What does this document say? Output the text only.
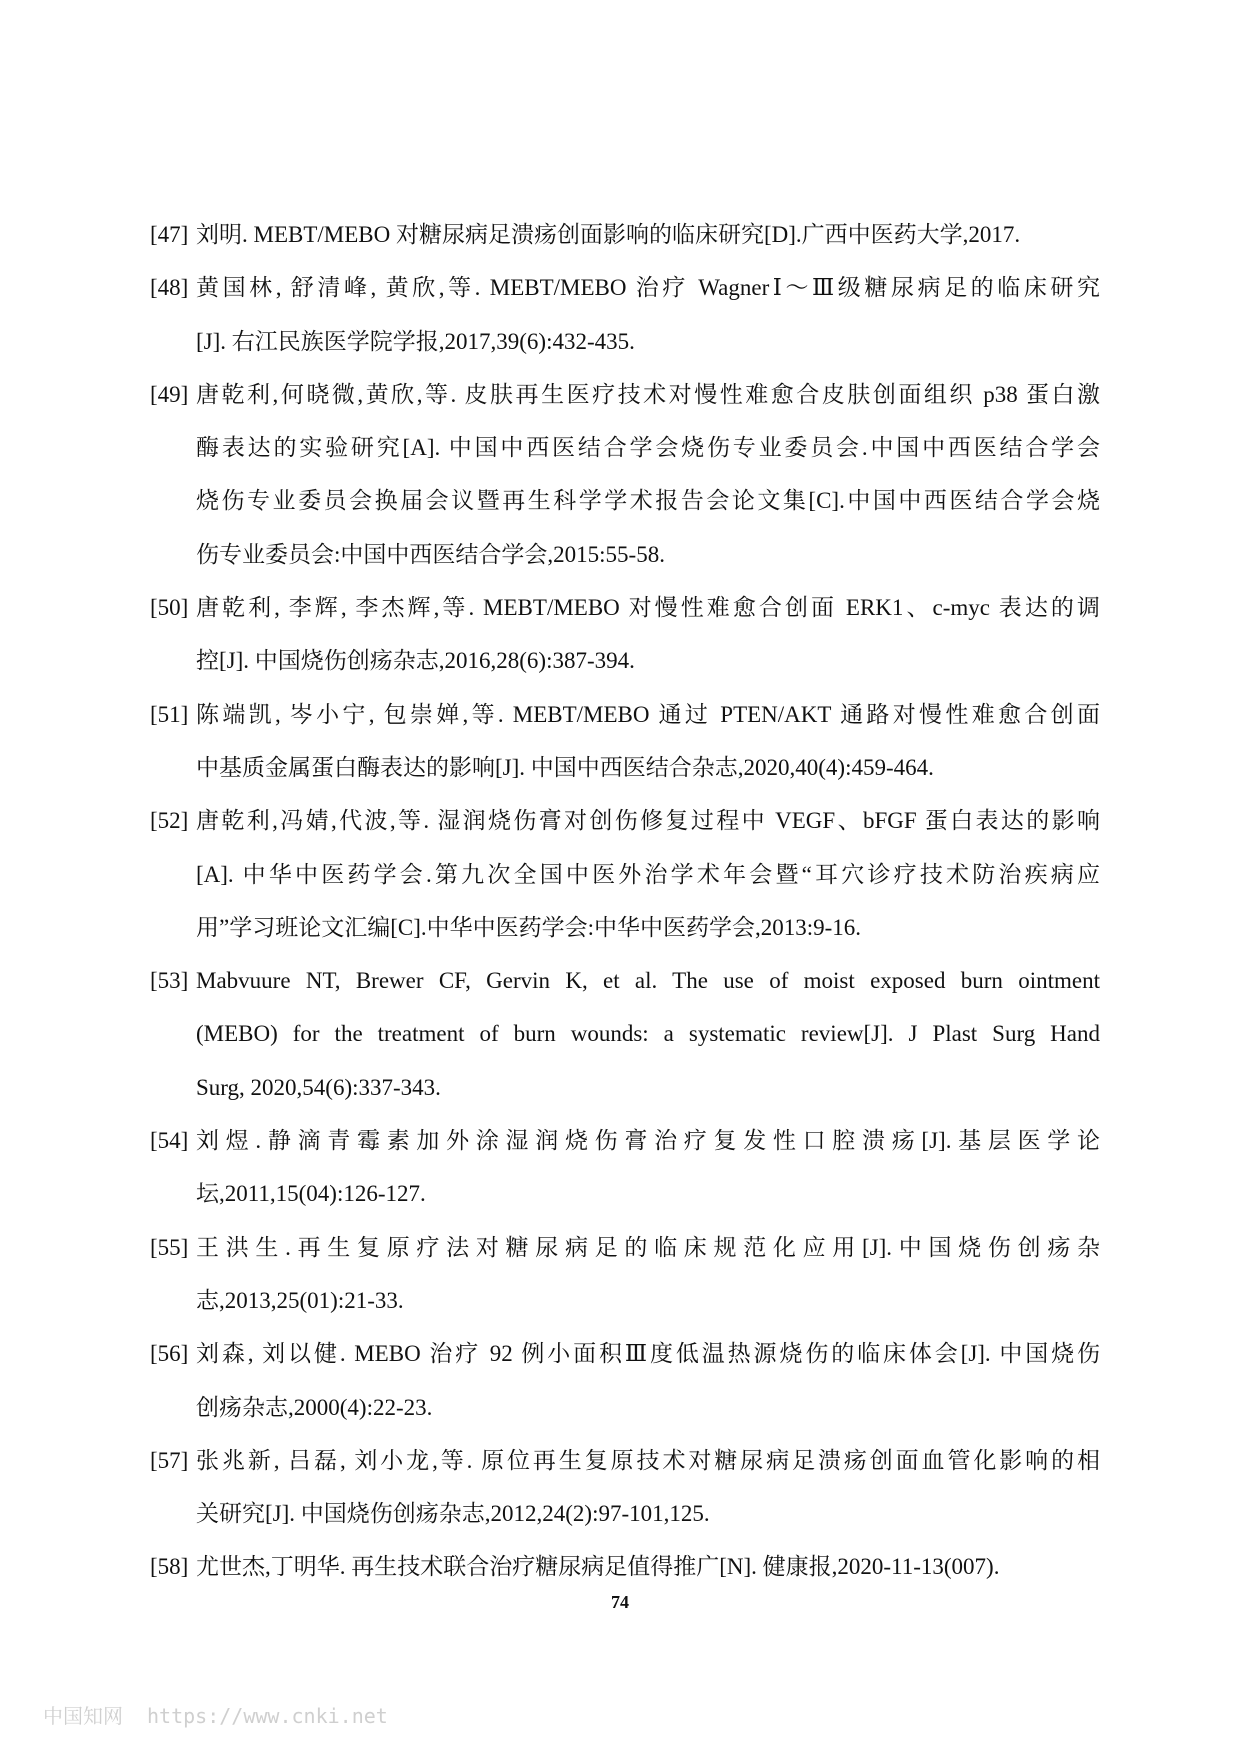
[47] 刘明. MEBT/MEBO 对糖尿病足溃疡创面影响的临床研究[D].广西中医药大学,2017.
[48] 黄国林, 舒清峰, 黄欣,等. MEBT/MEBO 治疗 WagnerⅠ～Ⅲ级糖尿病足的临床研究
[J]. 右江民族医学院学报,2017,39(6):432-435.
[49] 唐乾利,何晓微,黄欣,等. 皮肤再生医疗技术对慢性难愈合皮肤创面组织 p38 蛋白激
酶表达的实验研究[A]. 中国中西医结合学会烧伤专业委员会.中国中西医结合学会
烧伤专业委员会换届会议暨再生科学学术报告会论文集[C].中国中西医结合学会烧
伤专业委员会:中国中西医结合学会,2015:55-58.
[50] 唐乾利, 李辉, 李杰辉,等. MEBT/MEBO 对慢性难愈合创面 ERK1、c-myc 表达的调
控[J]. 中国烧伤创疡杂志,2016,28(6):387-394.
[51] 陈端凯, 岑小宁, 包崇婵,等. MEBT/MEBO 通过 PTEN/AKT 通路对慢性难愈合创面
中基质金属蛋白酶表达的影响[J]. 中国中西医结合杂志,2020,40(4):459-464.
[52] 唐乾利,冯婧,代波,等. 湿润烧伤膏对创伤修复过程中 VEGF、bFGF 蛋白表达的影响
[A]. 中华中医药学会.第九次全国中医外治学术年会暨“耳穴诊疗技术防治疾病应
用”学习班论文汇编[C].中华中医药学会:中华中医药学会,2013:9-16.
[53] Mabvuure NT, Brewer CF, Gervin K, et al. The use of moist exposed burn ointment
(MEBO) for the treatment of burn wounds: a systematic review[J]. J Plast Surg Hand
Surg, 2020,54(6):337-343.
[54] 刘煜.静滴青霉素加外涂湿润烧伤膏治疗复发性口腔溃疡[J].基层医学论
坛,2011,15(04):126-127.
[55] 王洪生.再生复原疗法对糖尿病足的临床规范化应用[J].中国烧伤创疡杂
志,2013,25(01):21-33.
[56] 刘森, 刘以健. MEBO 治疗 92 例小面积Ⅲ度低温热源烧伤的临床体会[J]. 中国烧伤
创疡杂志,2000(4):22-23.
[57] 张兆新, 吕磊, 刘小龙,等. 原位再生复原技术对糖尿病足溃疡创面血管化影响的相
关研究[J]. 中国烧伤创疡杂志,2012,24(2):97-101,125.
[58] 尤世杰,丁明华. 再生技术联合治疗糖尿病足值得推广[N]. 健康报,2020-11-13(007).
74
中国知网 https://www.cnki.net
